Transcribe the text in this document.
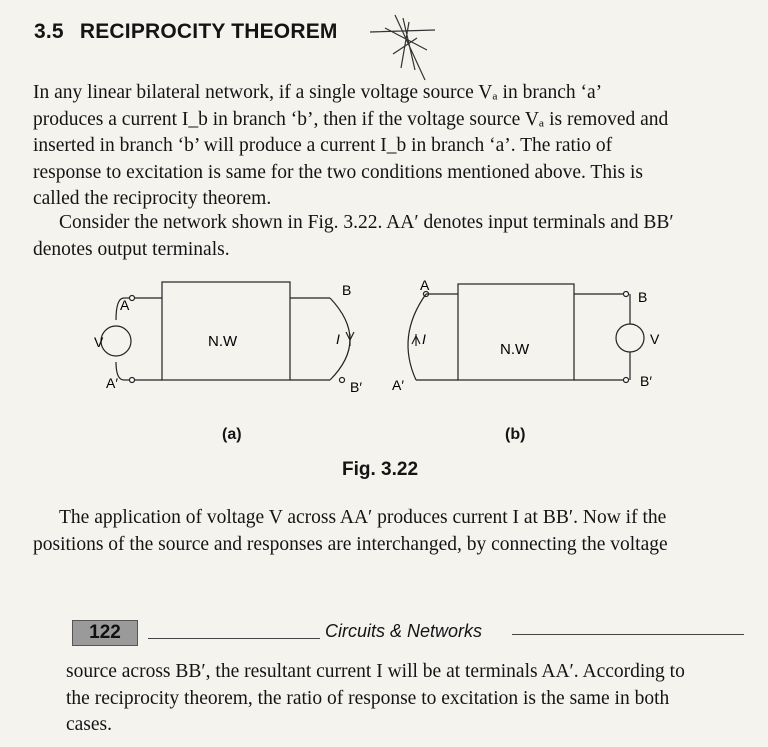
3.5 RECIPROCITY THEOREM
In any linear bilateral network, if a single voltage source Vₐ in branch ‘a’
produces a current I_b in branch ‘b’, then if the voltage source Vₐ is removed and
inserted in branch ‘b’ will produce a current I_b in branch ‘a’. The ratio of
response to excitation is same for the two conditions mentioned above. This is
called the reciprocity theorem.
Consider the network shown in Fig. 3.22. AA′ denotes input terminals and BB′
denotes output terminals.
A
A′
V	N.W
B
B′
I
(a)
A
A′
I
N.W
B
V
B′
(b)
Fig. 3.22
The application of voltage V across AA′ produces current I at BB′. Now if the
positions of the source and responses are interchanged, by connecting the voltage
122	Circuits & Networks
source across BB′, the resultant current I will be at terminals AA′. According to
the reciprocity theorem, the ratio of response to excitation is the same in both
cases.
